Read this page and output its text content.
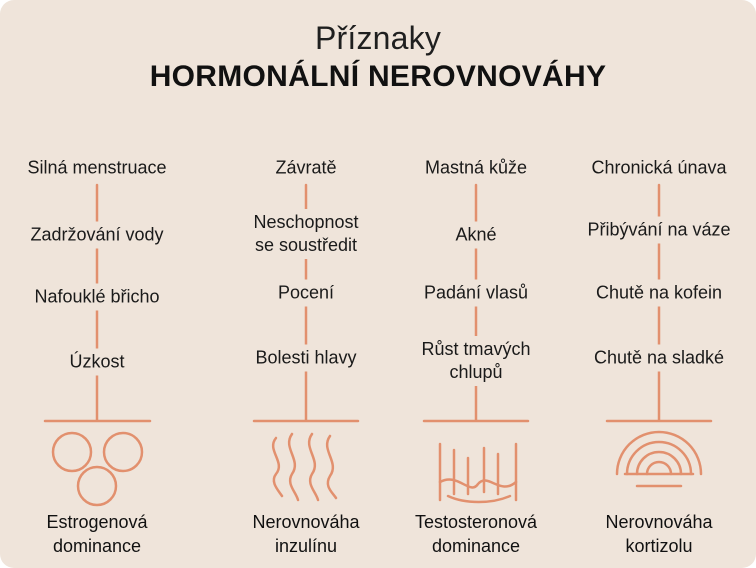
Příznaky
HORMONÁLNÍ NEROVNOVÁHY
Silná menstruace
Zadržování vody
Nafouklé břicho
Úzkost
Závratě
Neschopnost se soustředit
Pocení
Bolesti hlavy
Mastná kůže
Akné
Padání vlasů
Růst tmavých chlupů
Chronická únava
Přibývání na váze
Chutě na kofein
Chutě na sladké
Estrogenová
dominance
Nerovnováha
inzulínu
Testosteronová
dominance
Nerovnováha
kortizolu
